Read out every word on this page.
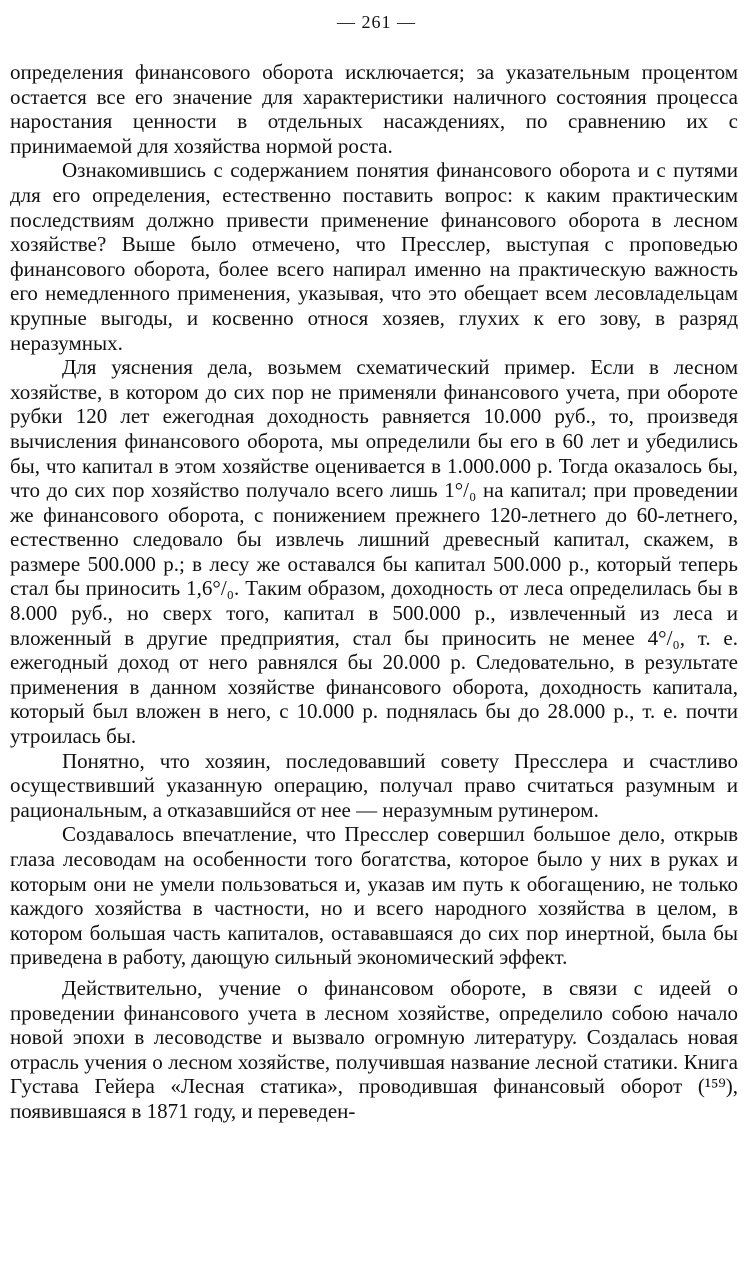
— 261 —

определения финансового оборота исключается; за указательным процентом остается все его значение для характеристики наличного состояния процесса наростания ценности в отдельных насаждениях, по сравнению их с принимаемой для хозяйства нормой роста.

Ознакомившись с содержанием понятия финансового оборота и с путями для его определения, естественно поставить вопрос: к каким практическим последствиям должно привести применение финансового оборота в лесном хозяйстве? Выше было отмечено, что Пресслер, выступая с проповедью финансового оборота, более всего напирал именно на практическую важность его немедленного применения, указывая, что это обещает всем лесовладельцам крупные выгоды, и косвенно относя хозяев, глухих к его зову, в разряд неразумных.

Для уяснения дела, возьмем схематический пример. Если в лесном хозяйстве, в котором до сих пор не применяли финансового учета, при обороте рубки 120 лет ежегодная доходность равняется 10.000 руб., то, произведя вычисления финансового оборота, мы определили бы его в 60 лет и убедились бы, что капитал в этом хозяйстве оценивается в 1.000.000 р. Тогда оказалось бы, что до сих пор хозяйство получало всего лишь 1°/₀ на капитал; при проведении же финансового оборота, с понижением прежнего 120-летнего до 60-летнего, естественно следовало бы извлечь лишний древесный капитал, скажем, в размере 500.000 р.; в лесу же оставался бы капитал 500.000 р., который теперь стал бы приносить 1,6°/₀. Таким образом, доходность от леса определилась бы в 8.000 руб., но сверх того, капитал в 500.000 р., извлеченный из леса и вложенный в другие предприятия, стал бы приносить не менее 4°/₀, т. е. ежегодный доход от него равнялся бы 20.000 р. Следовательно, в результате применения в данном хозяйстве финансового оборота, доходность капитала, который был вложен в него, с 10.000 р. поднялась бы до 28.000 р., т. е. почти утроилась бы.

Понятно, что хозяин, последовавший совету Пресслера и счастливо осуществивший указанную операцию, получал право считаться разумным и рациональным, а отказавшийся от нее — неразумным рутинером.

Создавалось впечатление, что Пресслер совершил большое дело, открыв глаза лесоводам на особенности того богатства, которое было у них в руках и которым они не умели пользоваться и, указав им путь к обогащению, не только каждого хозяйства в частности, но и всего народного хозяйства в целом, в котором большая часть капиталов, остававшаяся до сих пор инертной, была бы приведена в работу, дающую сильный экономический эффект.

Действительно, учение о финансовом обороте, в связи с идеей о проведении финансового учета в лесном хозяйстве, определило собою начало новой эпохи в лесоводстве и вызвало огромную литературу. Создалась новая отрасль учения о лесном хозяйстве, получившая название лесной статики. Книга Густава Гейера «Лесная статика», проводившая финансовый оборот (¹⁵⁹), появившаяся в 1871 году, и переведен-
